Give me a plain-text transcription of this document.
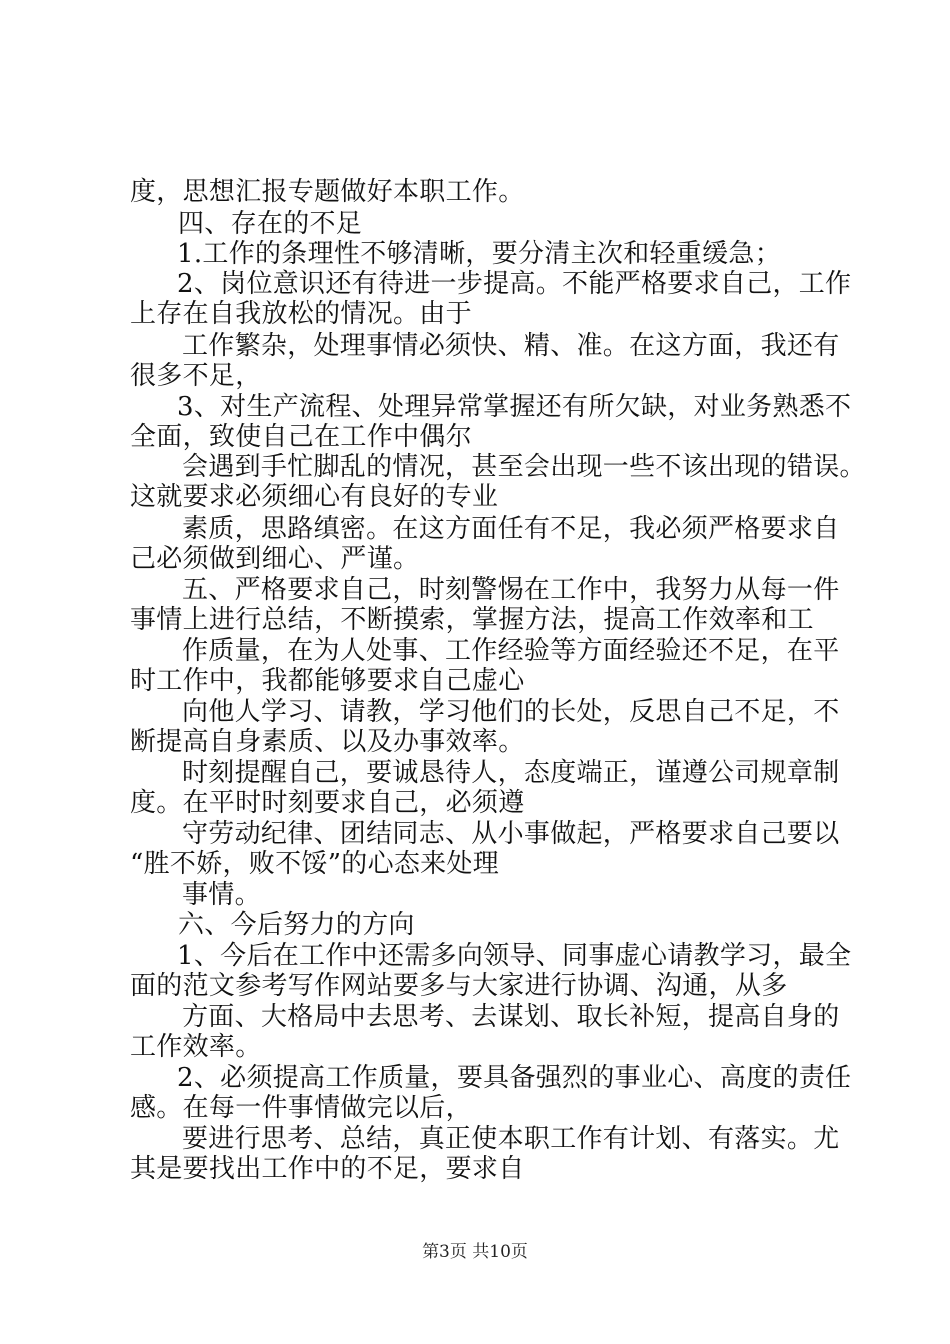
度，思想汇报专题做好本职工作。
四、存在的不足
1.工作的条理性不够清晰，要分清主次和轻重缓急；
2、岗位意识还有待进一步提高。不能严格要求自己，工作
上存在自我放松的情况。由于
工作繁杂，处理事情必须快、精、准。在这方面，我还有
很多不足，
3、对生产流程、处理异常掌握还有所欠缺，对业务熟悉不
全面，致使自己在工作中偶尔
会遇到手忙脚乱的情况，甚至会出现一些不该出现的错误。
这就要求必须细心有良好的专业
素质，思路缜密。在这方面任有不足，我必须严格要求自
己必须做到细心、严谨。
五、严格要求自己，时刻警惕在工作中，我努力从每一件
事情上进行总结，不断摸索，掌握方法，提高工作效率和工
作质量，在为人处事、工作经验等方面经验还不足，在平
时工作中，我都能够要求自己虚心
向他人学习、请教，学习他们的长处，反思自己不足，不
断提高自身素质、以及办事效率。
时刻提醒自己，要诚恳待人，态度端正，谨遵公司规章制
度。在平时时刻要求自己，必须遵
守劳动纪律、团结同志、从小事做起，严格要求自己要以
“胜不娇，败不馁”的心态来处理
事情。
六、今后努力的方向
1、今后在工作中还需多向领导、同事虚心请教学习，最全
面的范文参考写作网站要多与大家进行协调、沟通，从多
方面、大格局中去思考、去谋划、取长补短，提高自身的
工作效率。
2、必须提高工作质量，要具备强烈的事业心、高度的责任
感。在每一件事情做完以后，
要进行思考、总结，真正使本职工作有计划、有落实。尤
其是要找出工作中的不足，要求自
第3页 共10页
